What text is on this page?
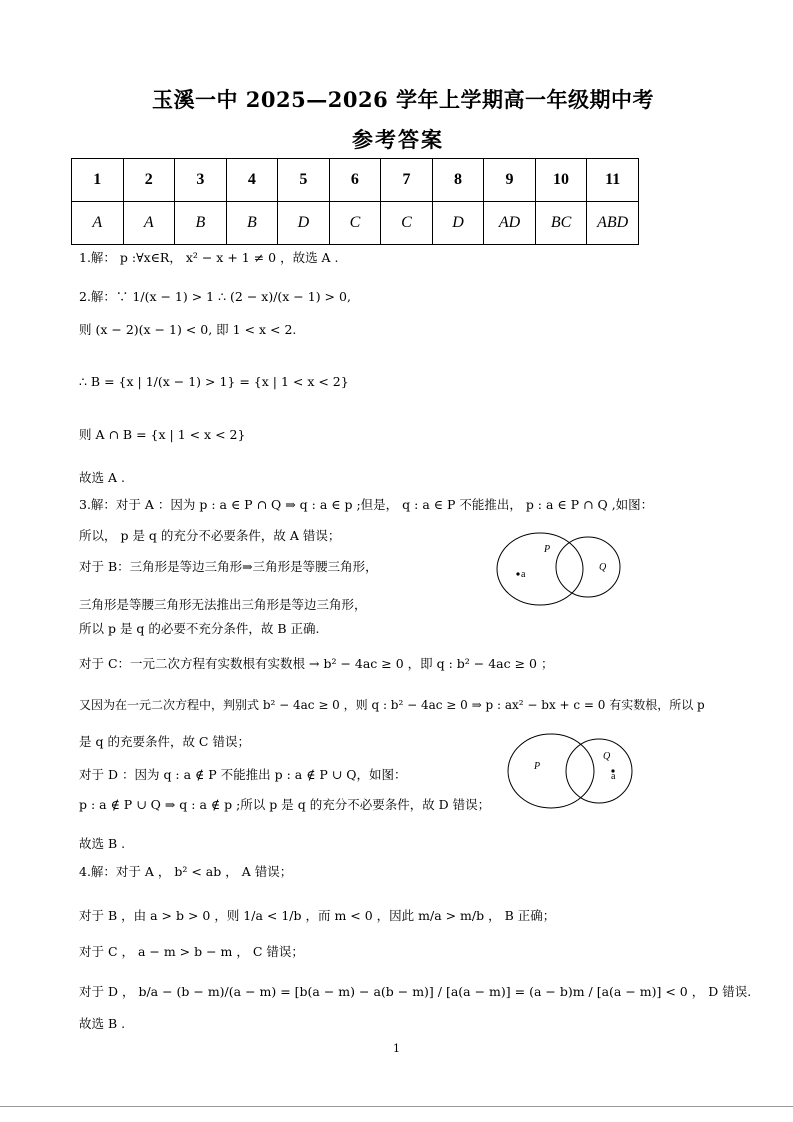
玉溪一中 2025—2026 学年上学期高一年级期中考
参考答案
1	2	3	4	5	6	7	8	9	10	11
A	A	B	B	D	C	C	D	AD	BC	ABD
1.解： p :∀x∈R， x² − x + 1 ≠ 0 ，故选 A .
2.解：∵ 1/(x − 1) > 1 ∴ (2 − x)/(x − 1) > 0,
则 (x − 2)(x − 1) < 0, 即 1 < x < 2.
∴ B = {x | 1/(x − 1) > 1} = {x | 1 < x < 2}
则 A ∩ B = {x | 1 < x < 2}
故选 A .
3.解：对于 A ：因为 p : a ∈ P ∩ Q ⇒ q : a ∈ p ;但是， q : a ∈ P 不能推出， p : a ∈ P ∩ Q ,如图：
所以， p 是 q 的充分不必要条件，故 A 错误；
对于 B：三角形是等边三角形⇒三角形是等腰三角形，
三角形是等腰三角形无法推出三角形是等边三角形，
所以 p 是 q 的必要不充分条件，故 B 正确.
对于 C：一元二次方程有实数根有实数根 → b² − 4ac ≥ 0 ，即 q : b² − 4ac ≥ 0 ；
又因为在一元二次方程中，判别式 b² − 4ac ≥ 0 ，则 q : b² − 4ac ≥ 0 ⇒ p : ax² − bx + c = 0 有实数根，所以 p
是 q 的充要条件，故 C 错误；
对于 D ：因为 q : a ∉ P 不能推出 p : a ∉ P ∪ Q，如图：
p : a ∉ P ∪ Q ⇒ q : a ∉ p ;所以 p 是 q 的充分不必要条件，故 D 错误；
故选 B .
4.解：对于 A ， b² < ab ， A 错误；
对于 B ，由 a > b > 0 ，则 1/a < 1/b ，而 m < 0 ，因此 m/a > m/b ， B 正确；
对于 C ， a − m > b − m ， C 错误；
对于 D ， b/a − (b − m)/(a − m) = [b(a − m) − a(b − m)] / [a(a − m)] = (a − b)m / [a(a − m)] < 0 ， D 错误.
故选 B .
P
Q
a
P
Q
a
1
